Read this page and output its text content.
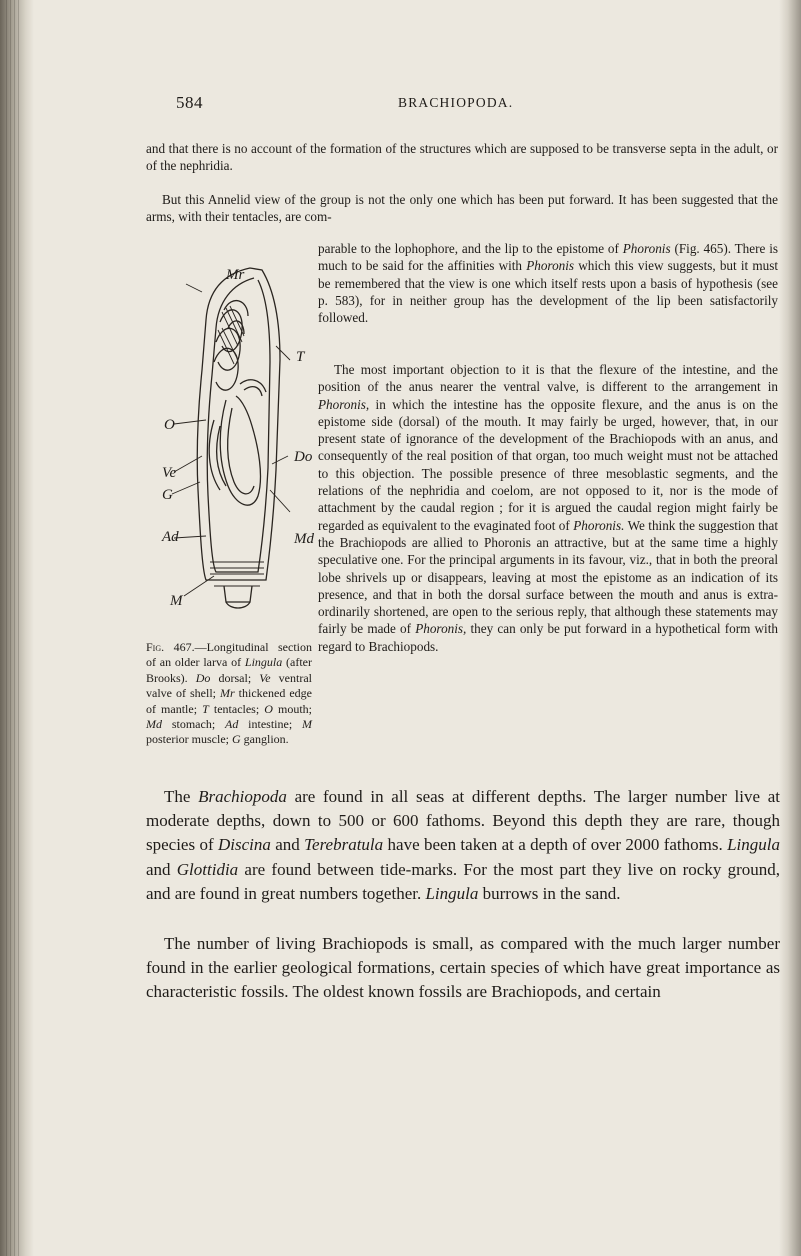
584	BRACHIOPODA.

and that there is no account of the formation of the structures which are supposed to be transverse septa in the adult, or of the nephridia.

But this Annelid view of the group is not the only one which has been put forward. It has been suggested that the arms, with their tentacles, are com-

parable to the lophophore, and the lip to the epistome of Phoronis (Fig. 465). There is much to be said for the affinities with Phoronis which this view suggests, but it must be remembered that the view is one which itself rests upon a basis of hypothesis (see p. 583), for in neither group has the development of the lip been satisfactorily followed.

The most important objection to it is that the flexure of the intestine, and the position of the anus nearer the ventral valve, is different to the arrangement in Phoronis, in which the intestine has the opposite flexure, and the anus is on the epistome side (dorsal) of the mouth. It may fairly be urged, however, that, in our present state of ignorance of the development of the Brachiopods with an anus, and consequently of the real position of that organ, too much weight must not be attached to this objection. The possible presence of three mesoblastic segments, and the relations of the nephridia and coelom, are not opposed to it, nor is the mode of attachment by the caudal region ; for it is argued the caudal region might fairly be regarded as equivalent to the evaginated foot of Phoronis. We think the suggestion that the Brachiopods are allied to Phoronis an attractive, but at the same time a highly speculative one. For the principal arguments in its favour, viz., that in both the preoral lobe shrivels up or disappears, leaving at most the epistome as an indication of its presence, and that in both the dorsal surface between the mouth and anus is extra-ordinarily shortened, are open to the serious reply, that although these statements may fairly be made of Phoronis, they can only be put forward in a hypothetical form with regard to Brachiopods.

Mr
T
O
Ve
Do
G
Md
Ad
M

Fig. 467.—Longitudinal section of an older larva of Lingula (after Brooks). Do dorsal; Ve ventral valve of shell; Mr thickened edge of mantle; T tentacles; O mouth; Md stomach; Ad intestine; M posterior muscle; G ganglion.

The Brachiopoda are found in all seas at different depths. The larger number live at moderate depths, down to 500 or 600 fathoms. Beyond this depth they are rare, though species of Discina and Terebratula have been taken at a depth of over 2000 fathoms. Lingula and Glottidia are found between tide-marks. For the most part they live on rocky ground, and are found in great numbers together. Lingula burrows in the sand.

The number of living Brachiopods is small, as compared with the much larger number found in the earlier geological formations, certain species of which have great importance as characteristic fossils. The oldest known fossils are Brachiopods, and certain
